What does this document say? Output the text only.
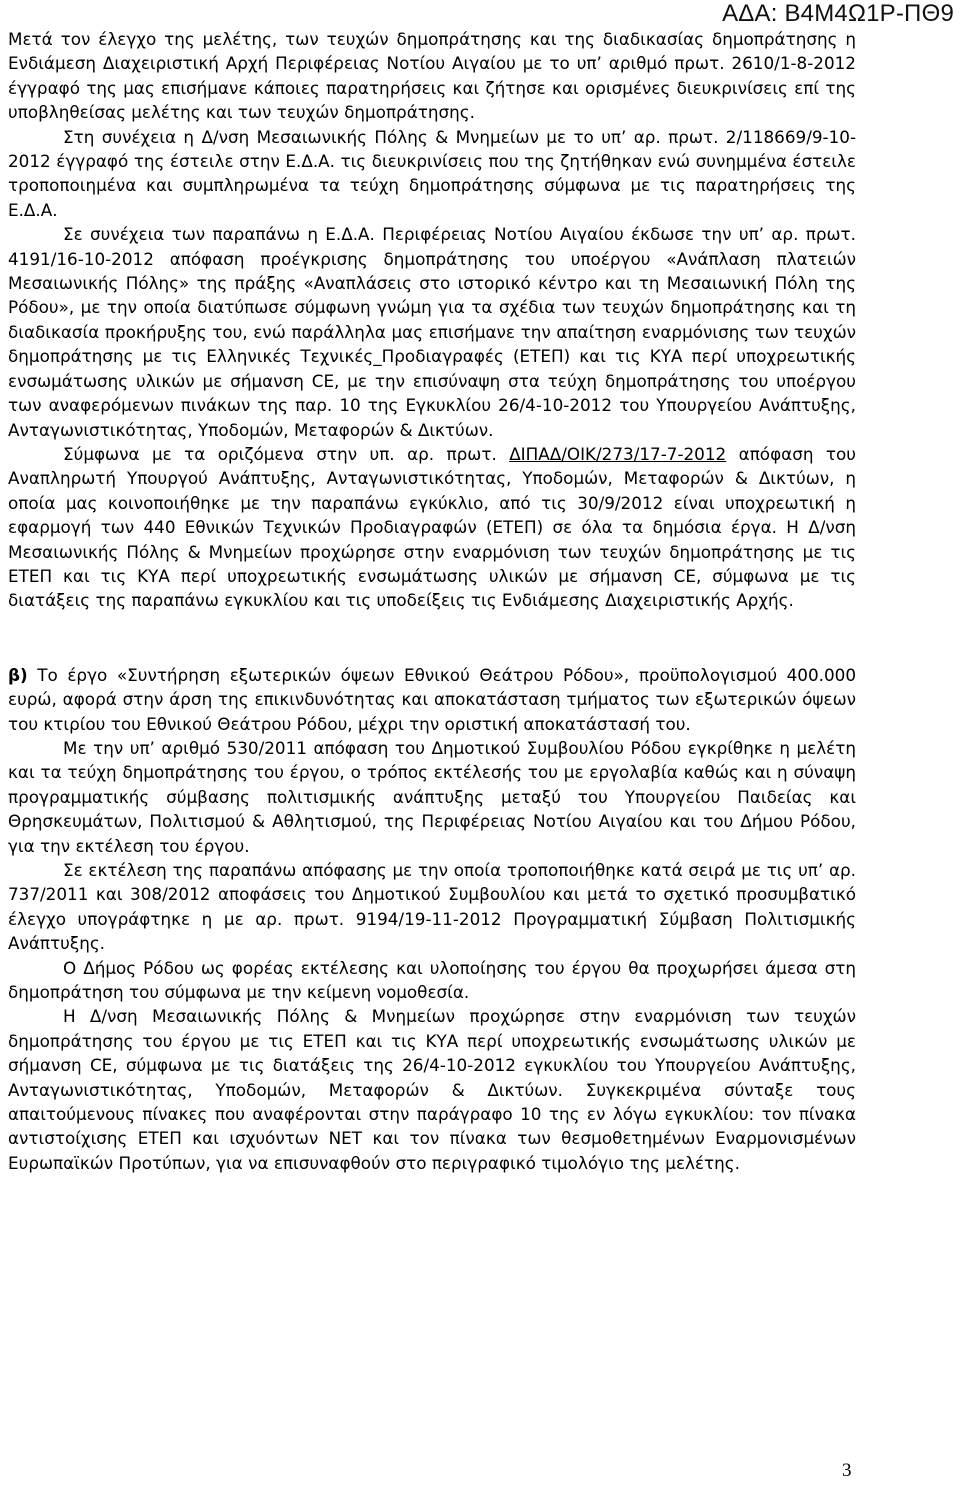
ΑΔΑ: Β4Μ4Ω1Ρ-ΠΘ9

Μετά τον έλεγχο της μελέτης, των τευχών δημοπράτησης και της διαδικασίας δημοπράτησης η Ενδιάμεση Διαχειριστική Αρχή Περιφέρειας Νοτίου Αιγαίου με το υπ’ αριθμό πρωτ. 2610/1-8-2012 έγγραφό της μας επισήμανε κάποιες παρατηρήσεις και ζήτησε και ορισμένες διευκρινίσεις επί της υποβληθείσας μελέτης και των τευχών δημοπράτησης.

Στη συνέχεια η Δ/νση Μεσαιωνικής Πόλης & Μνημείων με το υπ’ αρ. πρωτ. 2/118669/9-10-2012 έγγραφό της έστειλε στην Ε.Δ.Α. τις διευκρινίσεις που της ζητήθηκαν ενώ συνημμένα έστειλε τροποποιημένα και συμπληρωμένα τα τεύχη δημοπράτησης σύμφωνα με τις παρατηρήσεις της Ε.Δ.Α.

Σε συνέχεια των παραπάνω η Ε.Δ.Α. Περιφέρειας Νοτίου Αιγαίου έκδωσε την υπ’ αρ. πρωτ. 4191/16-10-2012 απόφαση προέγκρισης δημοπράτησης του υποέργου «Ανάπλαση πλατειών Μεσαιωνικής Πόλης» της πράξης «Αναπλάσεις στο ιστορικό κέντρο και τη Μεσαιωνική Πόλη της Ρόδου», με την οποία διατύπωσε σύμφωνη γνώμη για τα σχέδια των τευχών δημοπράτησης και τη διαδικασία προκήρυξης του, ενώ παράλληλα μας επισήμανε την απαίτηση εναρμόνισης των τευχών δημοπράτησης με τις Ελληνικές Τεχνικές_Προδιαγραφές (ΕΤΕΠ) και τις ΚΥΑ περί υποχρεωτικής ενσωμάτωσης υλικών με σήμανση CE, με την επισύναψη στα τεύχη δημοπράτησης του υποέργου των αναφερόμενων πινάκων της παρ. 10 της Εγκυκλίου 26/4-10-2012 του Υπουργείου Ανάπτυξης, Ανταγωνιστικότητας, Υποδομών, Μεταφορών & Δικτύων.

Σύμφωνα με τα οριζόμενα στην υπ. αρ. πρωτ. ΔΙΠΑΔ/ΟΙΚ/273/17-7-2012 απόφαση του Αναπληρωτή Υπουργού Ανάπτυξης, Ανταγωνιστικότητας, Υποδομών, Μεταφορών & Δικτύων, η οποία μας κοινοποιήθηκε με την παραπάνω εγκύκλιο, από τις 30/9/2012 είναι υποχρεωτική η εφαρμογή των 440 Εθνικών Τεχνικών Προδιαγραφών (ΕΤΕΠ) σε όλα τα δημόσια έργα. Η Δ/νση Μεσαιωνικής Πόλης & Μνημείων προχώρησε στην εναρμόνιση των τευχών δημοπράτησης με τις ΕΤΕΠ και τις ΚΥΑ περί υποχρεωτικής ενσωμάτωσης υλικών με σήμανση CE, σύμφωνα με τις διατάξεις της παραπάνω εγκυκλίου και τις υποδείξεις τις Ενδιάμεσης Διαχειριστικής Αρχής.

β) Το έργο «Συντήρηση εξωτερικών όψεων Εθνικού Θεάτρου Ρόδου», προϋπολογισμού 400.000 ευρώ, αφορά στην άρση της επικινδυνότητας και αποκατάσταση τμήματος των εξωτερικών όψεων του κτιρίου του Εθνικού Θεάτρου Ρόδου, μέχρι την οριστική αποκατάστασή του.

Με την υπ’ αριθμό 530/2011 απόφαση του Δημοτικού Συμβουλίου Ρόδου εγκρίθηκε η μελέτη και τα τεύχη δημοπράτησης του έργου, ο τρόπος εκτέλεσής του με εργολαβία καθώς και η σύναψη προγραμματικής σύμβασης πολιτισμικής ανάπτυξης μεταξύ του Υπουργείου Παιδείας και Θρησκευμάτων, Πολιτισμού & Αθλητισμού, της Περιφέρειας Νοτίου Αιγαίου και του Δήμου Ρόδου, για την εκτέλεση του έργου.

Σε εκτέλεση της παραπάνω απόφασης με την οποία τροποποιήθηκε κατά σειρά με τις υπ’ αρ. 737/2011 και 308/2012 αποφάσεις του Δημοτικού Συμβουλίου και μετά το σχετικό προσυμβατικό έλεγχο υπογράφτηκε η με αρ. πρωτ. 9194/19-11-2012 Προγραμματική Σύμβαση Πολιτισμικής Ανάπτυξης.

Ο Δήμος Ρόδου ως φορέας εκτέλεσης και υλοποίησης του έργου θα προχωρήσει άμεσα στη δημοπράτηση του σύμφωνα με την κείμενη νομοθεσία.

Η Δ/νση Μεσαιωνικής Πόλης & Μνημείων προχώρησε στην εναρμόνιση των τευχών δημοπράτησης του έργου με τις ΕΤΕΠ και τις ΚΥΑ περί υποχρεωτικής ενσωμάτωσης υλικών με σήμανση CE, σύμφωνα με τις διατάξεις της 26/4-10-2012 εγκυκλίου του Υπουργείου Ανάπτυξης, Ανταγωνιστικότητας, Υποδομών, Μεταφορών & Δικτύων. Συγκεκριμένα σύνταξε τους απαιτούμενους πίνακες που αναφέρονται στην παράγραφο 10 της εν λόγω εγκυκλίου: τον πίνακα αντιστοίχισης ΕΤΕΠ και ισχυόντων ΝΕΤ και τον πίνακα των θεσμοθετημένων Εναρμονισμένων Ευρωπαϊκών Προτύπων, για να επισυναφθούν στο περιγραφικό τιμολόγιο της μελέτης.

3
